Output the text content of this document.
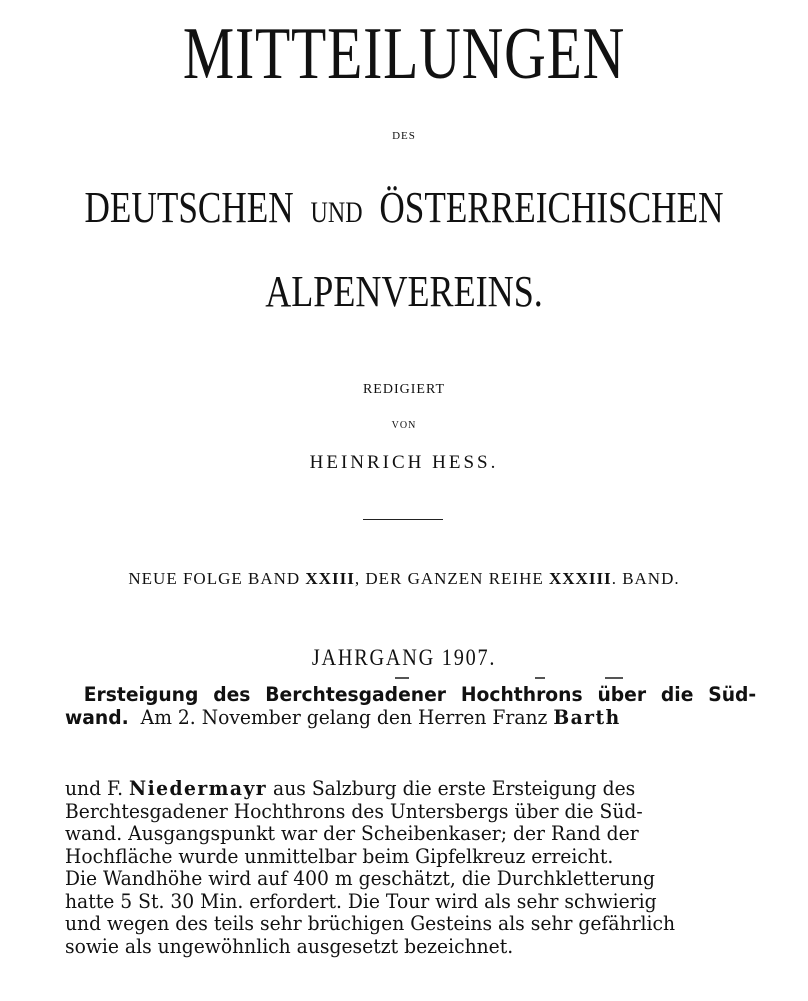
MITTEILUNGEN
DES
DEUTSCHEN UND ÖSTERREICHISCHEN
ALPENVEREINS.
REDIGIERT
VON
HEINRICH HESS.
NEUE FOLGE BAND XXIII, DER GANZEN REIHE XXXIII. BAND.
JAHRGANG 1907.
 Ersteigung des Berchtesgadener Hochthrons über die Süd-
wand. Am 2. November gelang den Herren Franz Barth
und F. Niedermayr aus Salzburg die erste Ersteigung des
Berchtesgadener Hochthrons des Untersbergs über die Süd-
wand. Ausgangspunkt war der Scheibenkaser; der Rand der
Hochfläche wurde unmittelbar beim Gipfelkreuz erreicht.
Die Wandhöhe wird auf 400 m geschätzt, die Durchkletterung
hatte 5 St. 30 Min. erfordert. Die Tour wird als sehr schwierig
und wegen des teils sehr brüchigen Gesteins als sehr gefährlich
sowie als ungewöhnlich ausgesetzt bezeichnet.
